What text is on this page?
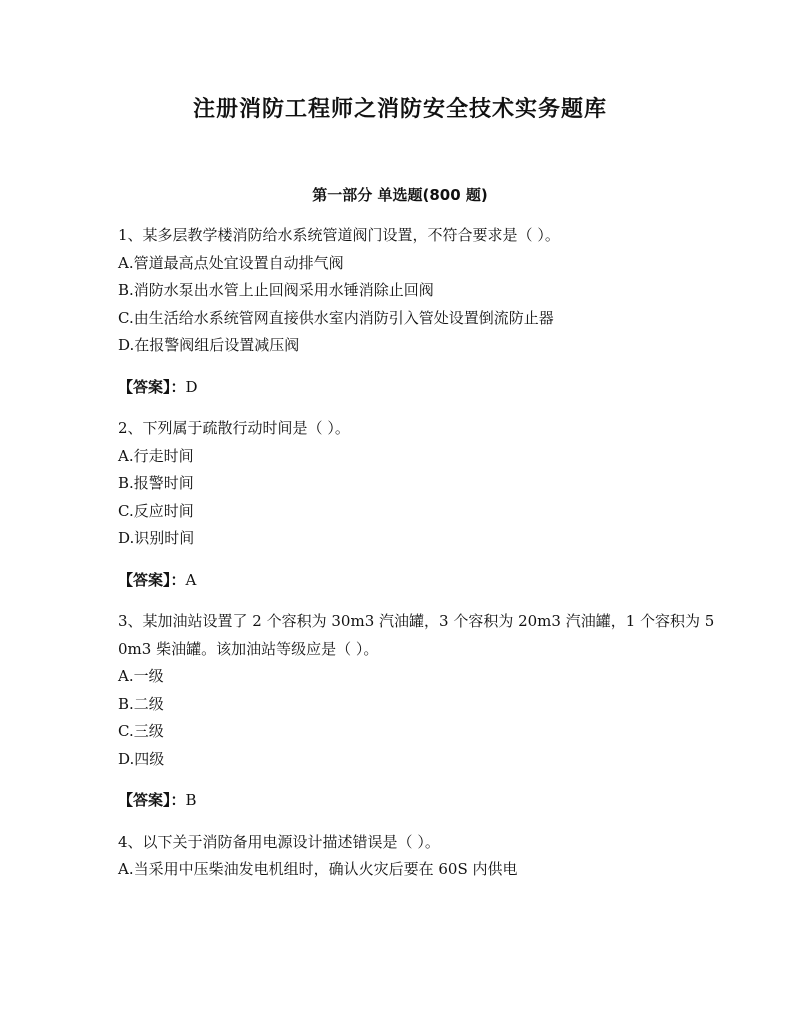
注册消防工程师之消防安全技术实务题库
第一部分 单选题(800 题)
1、某多层教学楼消防给水系统管道阀门设置，不符合要求是（ ）。
A.管道最高点处宜设置自动排气阀
B.消防水泵出水管上止回阀采用水锤消除止回阀
C.由生活给水系统管网直接供水室内消防引入管处设置倒流防止器
D.在报警阀组后设置减压阀
【答案】：D
2、下列属于疏散行动时间是（ ）。
A.行走时间
B.报警时间
C.反应时间
D.识别时间
【答案】：A
3、某加油站设置了 2 个容积为 30m3 汽油罐，3 个容积为 20m3 汽油罐，1 个容积为 50m3 柴油罐。该加油站等级应是（ ）。
A.一级
B.二级
C.三级
D.四级
【答案】：B
4、以下关于消防备用电源设计描述错误是（ ）。
A.当采用中压柴油发电机组时，确认火灾后要在 60S 内供电
